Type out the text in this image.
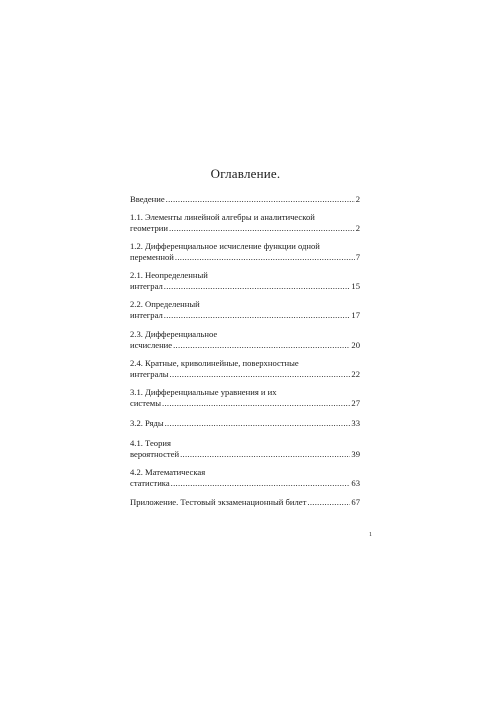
Оглавление.
Введение .....	2
1.1. Элементы линейной алгебры и аналитической
геометрии .....	2
1.2. Дифференциальное исчисление функции одной
переменной .....	7
2.1. Неопределенный
интеграл .....	15
2.2. Определенный
интеграл .....	17
2.3. Дифференциальное
исчисление .....	20
2.4. Кратные, криволинейные, поверхностные
интегралы .....	22
3.1. Дифференциальные уравнения и их
системы .....	27
3.2. Ряды .....	33
4.1. Теория
вероятностей .....	39
4.2. Математическая
статистика .....	63
Приложение. Тестовый экзаменационный билет .....	67
1
